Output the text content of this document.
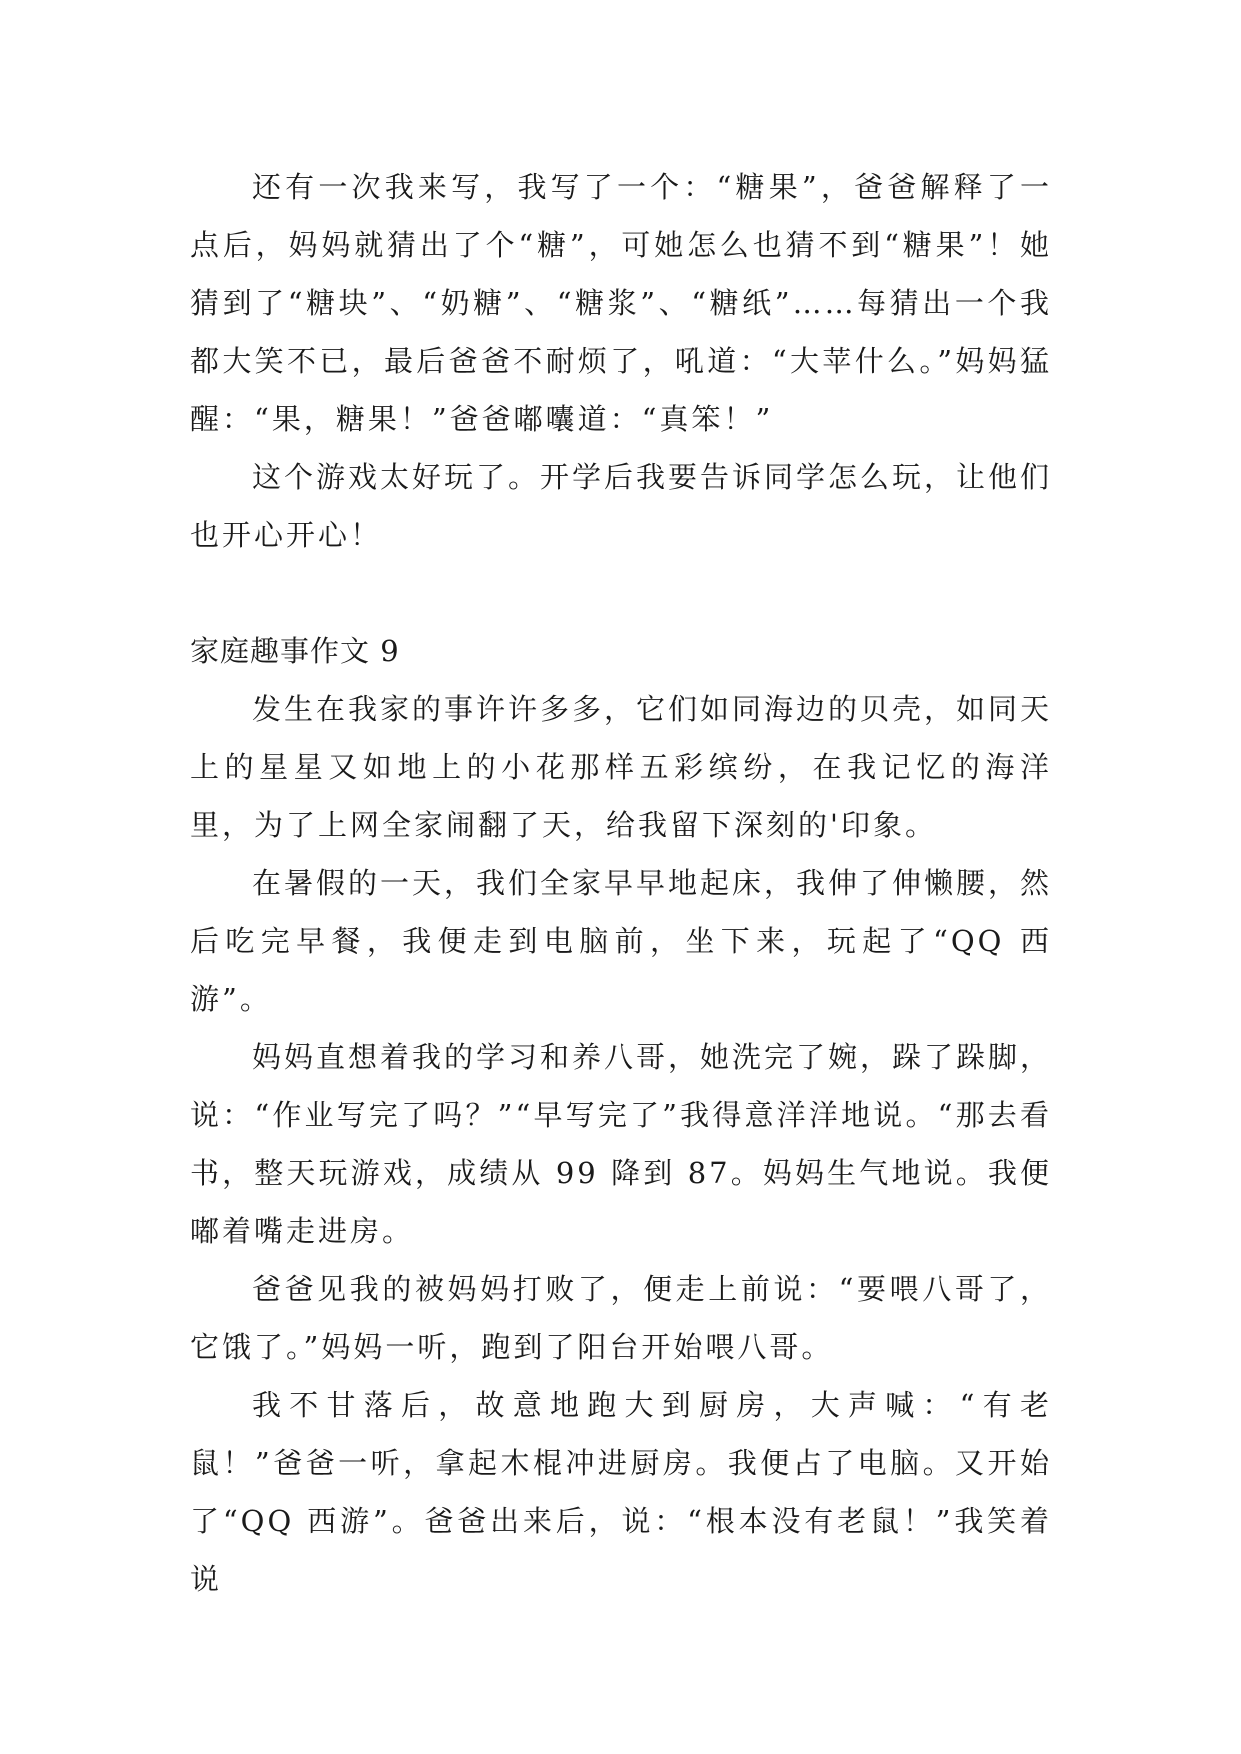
还有一次我来写，我写了一个：“糖果”，爸爸解释了一点后，妈妈就猜出了个“糖”，可她怎么也猜不到“糖果”！她猜到了“糖块”、“奶糖”、“糖浆”、“糖纸”……每猜出一个我都大笑不已，最后爸爸不耐烦了，吼道：“大苹什么。”妈妈猛醒：“果，糖果！”爸爸嘟囔道：“真笨！”

这个游戏太好玩了。开学后我要告诉同学怎么玩，让他们也开心开心！

家庭趣事作文 9

发生在我家的事许许多多，它们如同海边的贝壳，如同天上的星星又如地上的小花那样五彩缤纷，在我记忆的海洋里，为了上网全家闹翻了天，给我留下深刻的'印象。

在暑假的一天，我们全家早早地起床，我伸了伸懒腰，然后吃完早餐，我便走到电脑前，坐下来，玩起了“QQ 西游”。

妈妈直想着我的学习和养八哥，她洗完了婉，跺了跺脚，说：“作业写完了吗？”“早写完了”我得意洋洋地说。“那去看书，整天玩游戏，成绩从 99 降到 87。妈妈生气地说。我便嘟着嘴走进房。

爸爸见我的被妈妈打败了，便走上前说：“要喂八哥了，它饿了。”妈妈一听，跑到了阳台开始喂八哥。

我不甘落后，故意地跑大到厨房，大声喊：“有老鼠！”爸爸一听，拿起木棍冲进厨房。我便占了电脑。又开始了“QQ 西游”。爸爸出来后，说：“根本没有老鼠！”我笑着说
